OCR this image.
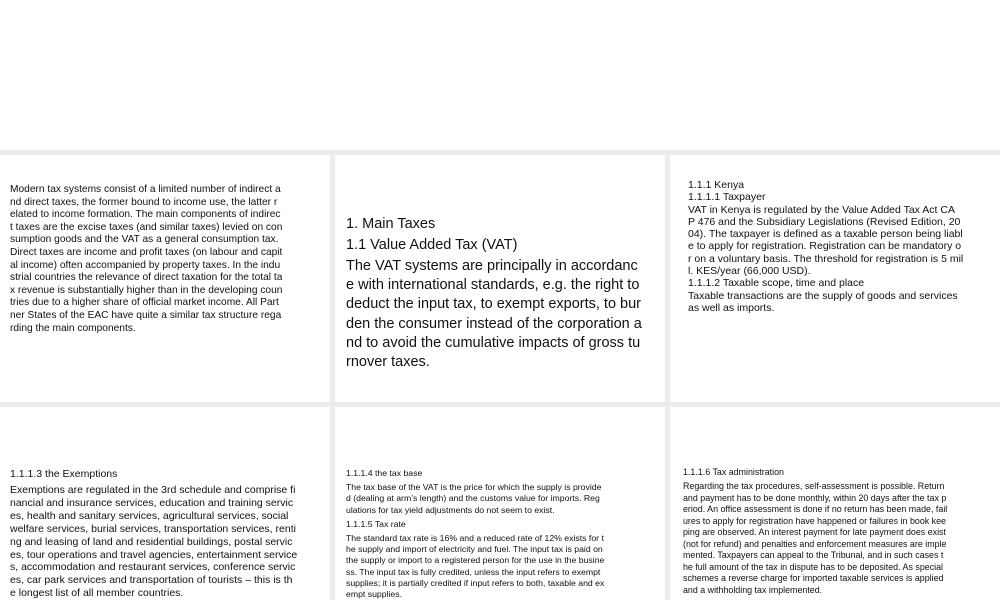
Modern tax systems consist of a limited number of indirect a

nd direct taxes, the former bound to income use, the latter r

elated to income formation. The main components of indirec

t taxes are the excise taxes (and similar taxes) levied on con

sumption goods and the VAT as a general consumption tax.

Direct taxes are income and profit taxes (on labour and capit

al income) often accompanied by property taxes. In the indu

strial countries the relevance of direct taxation for the total ta

x revenue is substantially higher than in the developing coun

tries due to a higher share of official market income. All Part

ner States of the EAC have quite a similar tax structure rega

rding the main components.

1. Main Taxes

1.1 Value Added Tax (VAT)

The VAT systems are principally in accordanc

e with international standards, e.g. the right to

deduct the input tax, to exempt exports, to bur

den the consumer instead of the corporation a

nd to avoid the cumulative impacts of gross tu

rnover taxes.

1.1.1 Kenya

1.1.1.1 Taxpayer

VAT in Kenya is regulated by the Value Added Tax Act CA

P 476 and the Subsidiary Legislations (Revised Edition, 20

04). The taxpayer is defined as a taxable person being liabl

e to apply for registration. Registration can be mandatory o

r on a voluntary basis. The threshold for registration is 5 mil

l. KES/year (66,000 USD).

1.1.1.2 Taxable scope, time and place

Taxable transactions are the supply of goods and services

as well as imports.

1.1.1.3 the Exemptions

Exemptions are regulated in the 3rd schedule and comprise fi

nancial and insurance services, education and training servic

es, health and sanitary services, agricultural services, social

welfare services, burial services, transportation services, renti

ng and leasing of land and residential buildings, postal servic

es, tour operations and travel agencies, entertainment service

s, accommodation and restaurant services, conference servic

es, car park services and transportation of tourists – this is th

e longest list of all member countries.

1.1.1.4 the tax base

The tax base of the VAT is the price for which the supply is provide

d (dealing at arm’s length) and the customs value for imports. Reg

ulations for tax yield adjustments do not seem to exist.

1.1.1.5 Tax rate

The standard tax rate is 16% and a reduced rate of 12% exists for t

he supply and import of electricity and fuel. The input tax is paid on

the supply or import to a registered person for the use in the busine

ss. The input tax is fully credited, unless the input refers to exempt

supplies; it is partially credited if input refers to both, taxable and ex

empt supplies.

1.1.1.6 Tax administration

Regarding the tax procedures, self-assessment is possible. Return

and payment has to be done monthly, within 20 days after the tax p

eriod. An office assessment is done if no return has been made, fail

ures to apply for registration have happened or failures in book kee

ping are observed. An interest payment for late payment does exist

(not for refund) and penalties and enforcement measures are imple

mented. Taxpayers can appeal to the Tribunal, and in such cases t

he full amount of the tax in dispute has to be deposited. As special

schemes a reverse charge for imported taxable services is applied

and a withholding tax implemented.
